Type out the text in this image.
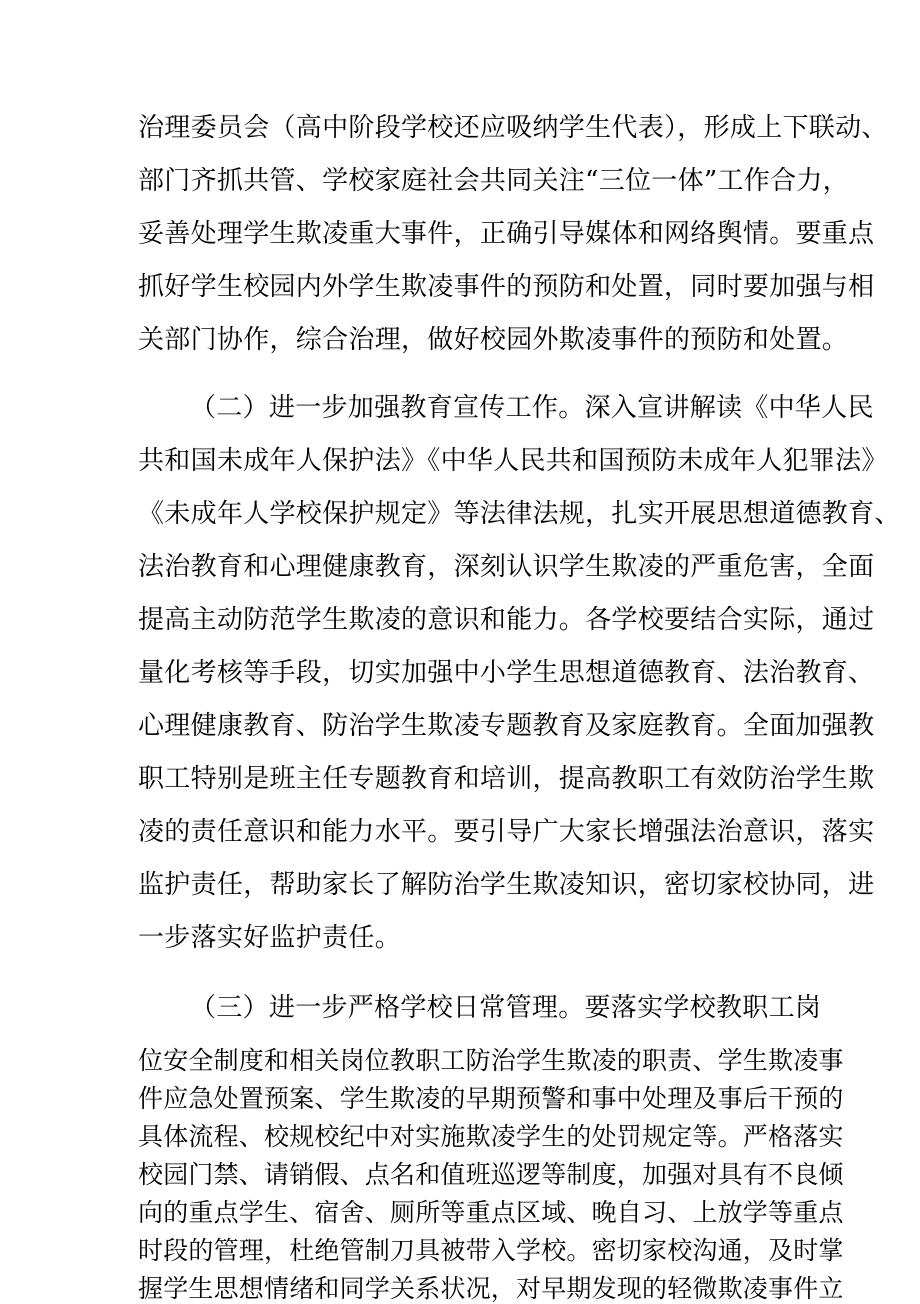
治理委员会（高中阶段学校还应吸纳学生代表），形成上下联动、
部门齐抓共管、学校家庭社会共同关注“三位一体”工作合力，
妥善处理学生欺凌重大事件，正确引导媒体和网络舆情。要重点
抓好学生校园内外学生欺凌事件的预防和处置，同时要加强与相
关部门协作，综合治理，做好校园外欺凌事件的预防和处置。
（二）进一步加强教育宣传工作。深入宣讲解读《中华人民
共和国未成年人保护法》《中华人民共和国预防未成年人犯罪法》
《未成年人学校保护规定》等法律法规，扎实开展思想道德教育、
法治教育和心理健康教育，深刻认识学生欺凌的严重危害，全面
提高主动防范学生欺凌的意识和能力。各学校要结合实际，通过
量化考核等手段，切实加强中小学生思想道德教育、法治教育、
心理健康教育、防治学生欺凌专题教育及家庭教育。全面加强教
职工特别是班主任专题教育和培训，提高教职工有效防治学生欺
凌的责任意识和能力水平。要引导广大家长增强法治意识，落实
监护责任，帮助家长了解防治学生欺凌知识，密切家校协同，进
一步落实好监护责任。
（三）进一步严格学校日常管理。要落实学校教职工岗
位安全制度和相关岗位教职工防治学生欺凌的职责、学生欺凌事
件应急处置预案、学生欺凌的早期预警和事中处理及事后干预的
具体流程、校规校纪中对实施欺凌学生的处罚规定等。严格落实
校园门禁、请销假、点名和值班巡逻等制度，加强对具有不良倾
向的重点学生、宿舍、厕所等重点区域、晚自习、上放学等重点
时段的管理，杜绝管制刀具被带入学校。密切家校沟通，及时掌
握学生思想情绪和同学关系状况，对早期发现的轻微欺凌事件立
